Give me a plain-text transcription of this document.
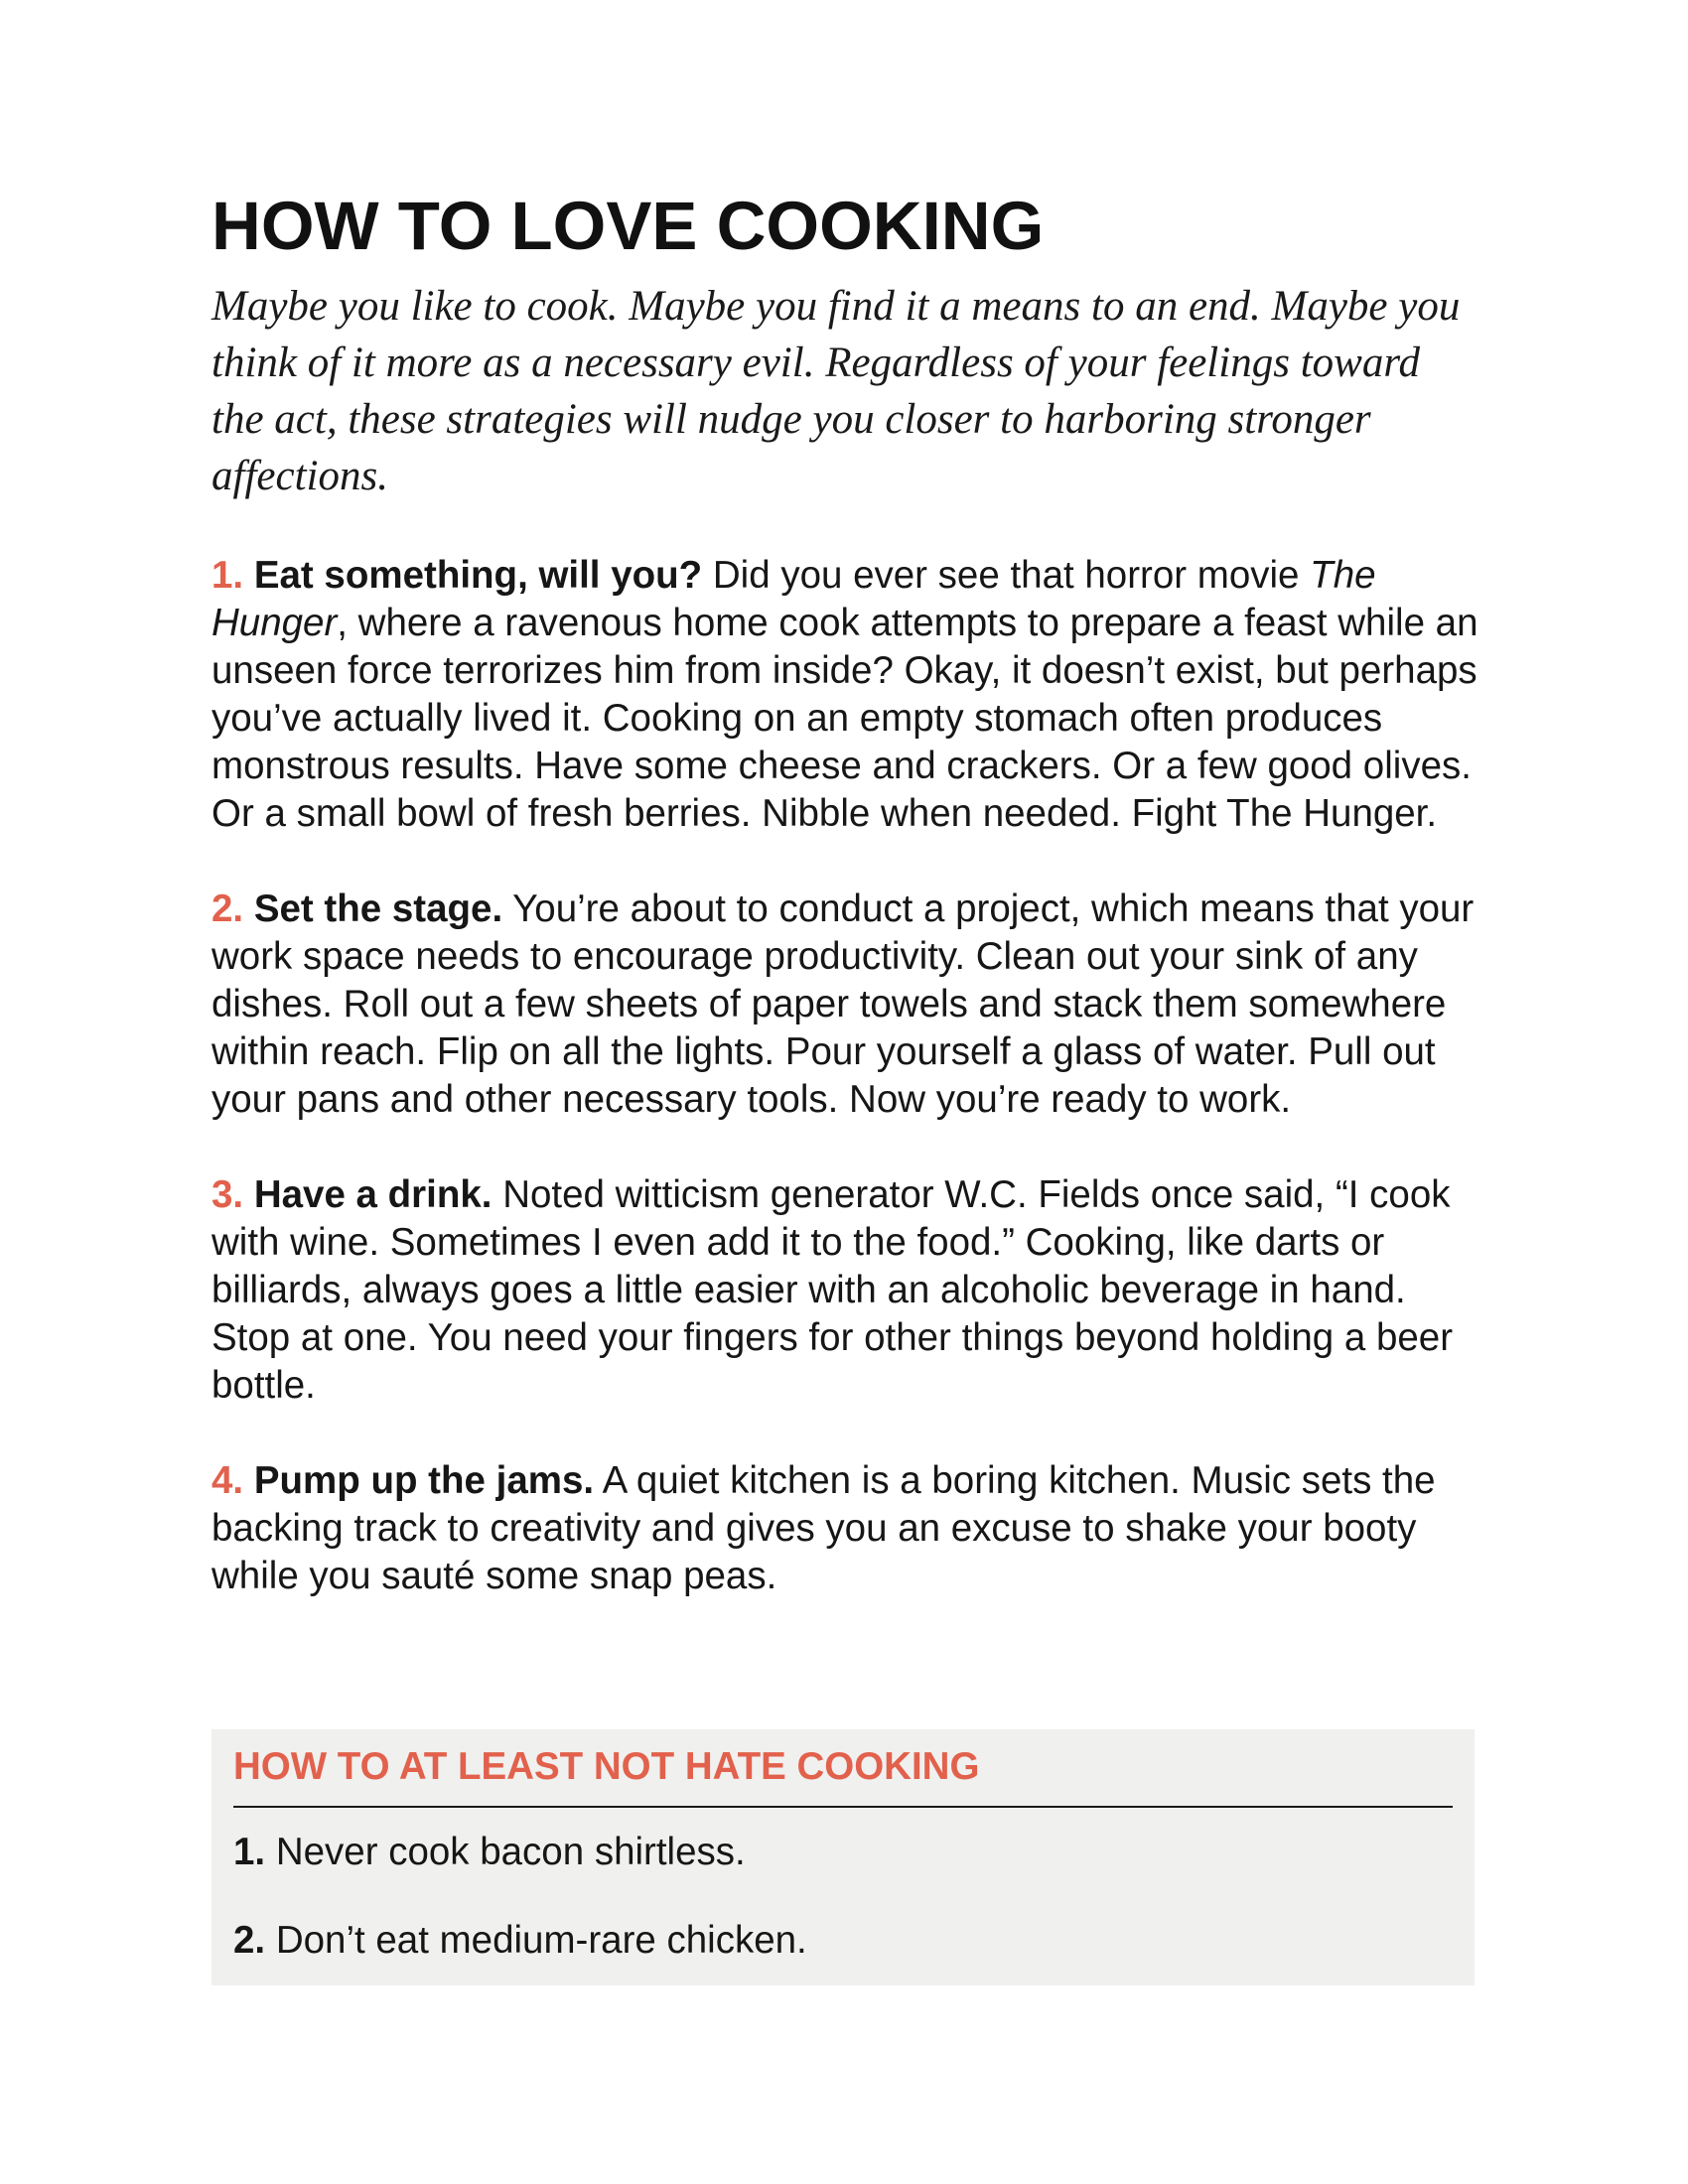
HOW TO LOVE COOKING

Maybe you like to cook. Maybe you find it a means to an end. Maybe you think of it more as a necessary evil. Regardless of your feelings toward the act, these strategies will nudge you closer to harboring stronger affections.

1. Eat something, will you? Did you ever see that horror movie The Hunger, where a ravenous home cook attempts to prepare a feast while an unseen force terrorizes him from inside? Okay, it doesn’t exist, but perhaps you’ve actually lived it. Cooking on an empty stomach often produces monstrous results. Have some cheese and crackers. Or a few good olives. Or a small bowl of fresh berries. Nibble when needed. Fight The Hunger.

2. Set the stage. You’re about to conduct a project, which means that your work space needs to encourage productivity. Clean out your sink of any dishes. Roll out a few sheets of paper towels and stack them somewhere within reach. Flip on all the lights. Pour yourself a glass of water. Pull out your pans and other necessary tools. Now you’re ready to work.

3. Have a drink. Noted witticism generator W.C. Fields once said, “I cook with wine. Sometimes I even add it to the food.” Cooking, like darts or billiards, always goes a little easier with an alcoholic beverage in hand. Stop at one. You need your fingers for other things beyond holding a beer bottle.

4. Pump up the jams. A quiet kitchen is a boring kitchen. Music sets the backing track to creativity and gives you an excuse to shake your booty while you sauté some snap peas.

HOW TO AT LEAST NOT HATE COOKING

1. Never cook bacon shirtless.

2. Don’t eat medium-rare chicken.
